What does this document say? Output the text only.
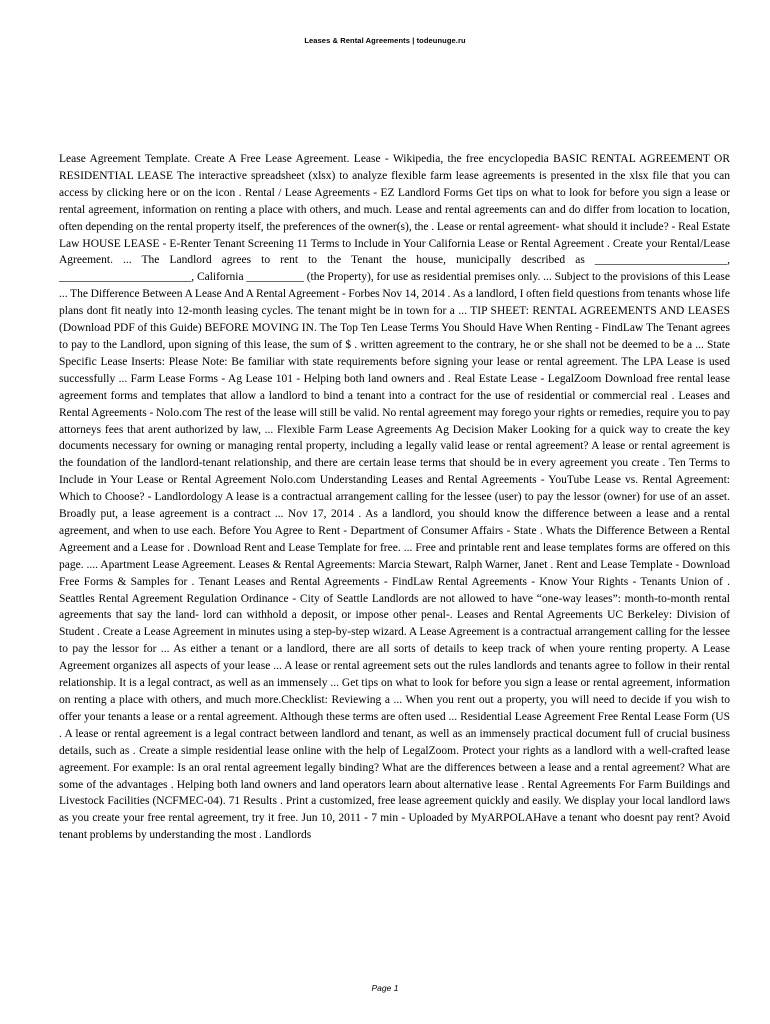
Leases & Rental Agreements | todeunuge.ru

Lease Agreement Template. Create A Free Lease Agreement. Lease - Wikipedia, the free encyclopedia BASIC RENTAL AGREEMENT OR RESIDENTIAL LEASE The interactive spreadsheet (xlsx) to analyze flexible farm lease agreements is presented in the xlsx file that you can access by clicking here or on the icon . Rental / Lease Agreements - EZ Landlord Forms Get tips on what to look for before you sign a lease or rental agreement, information on renting a place with others, and much. Lease and rental agreements can and do differ from location to location, often depending on the rental property itself, the preferences of the owner(s), the . Lease or rental agreement- what should it include? - Real Estate Law HOUSE LEASE - E-Renter Tenant Screening 11 Terms to Include in Your California Lease or Rental Agreement . Create your Rental/Lease Agreement. ... The Landlord agrees to rent to the Tenant the house, municipally described as _______________________, _______________________, California __________ (the Property), for use as residential premises only. ... Subject to the provisions of this Lease ... The Difference Between A Lease And A Rental Agreement - Forbes Nov 14, 2014 . As a landlord, I often field questions from tenants whose life plans dont fit neatly into 12-month leasing cycles. The tenant might be in town for a ... TIP SHEET: RENTAL AGREEMENTS AND LEASES (Download PDF of this Guide) BEFORE MOVING IN. The Top Ten Lease Terms You Should Have When Renting - FindLaw The Tenant agrees to pay to the Landlord, upon signing of this lease, the sum of $ . written agreement to the contrary, he or she shall not be deemed to be a ... State Specific Lease Inserts: Please Note: Be familiar with state requirements before signing your lease or rental agreement. The LPA Lease is used successfully ... Farm Lease Forms - Ag Lease 101 - Helping both land owners and . Real Estate Lease - LegalZoom Download free rental lease agreement forms and templates that allow a landlord to bind a tenant into a contract for the use of residential or commercial real . Leases and Rental Agreements - Nolo.com The rest of the lease will still be valid. No rental agreement may forego your rights or remedies, require you to pay attorneys fees that arent authorized by law, ... Flexible Farm Lease Agreements Ag Decision Maker Looking for a quick way to create the key documents necessary for owning or managing rental property, including a legally valid lease or rental agreement? A lease or rental agreement is the foundation of the landlord-tenant relationship, and there are certain lease terms that should be in every agreement you create . Ten Terms to Include in Your Lease or Rental Agreement Nolo.com Understanding Leases and Rental Agreements - YouTube Lease vs. Rental Agreement: Which to Choose? - Landlordology A lease is a contractual arrangement calling for the lessee (user) to pay the lessor (owner) for use of an asset. Broadly put, a lease agreement is a contract ... Nov 17, 2014 . As a landlord, you should know the difference between a lease and a rental agreement, and when to use each. Before You Agree to Rent - Department of Consumer Affairs - State . Whats the Difference Between a Rental Agreement and a Lease for . Download Rent and Lease Template for free. ... Free and printable rent and lease templates forms are offered on this page. .... Apartment Lease Agreement. Leases & Rental Agreements: Marcia Stewart, Ralph Warner, Janet . Rent and Lease Template - Download Free Forms & Samples for . Tenant Leases and Rental Agreements - FindLaw Rental Agreements - Know Your Rights - Tenants Union of . Seattles Rental Agreement Regulation Ordinance - City of Seattle Landlords are not allowed to have “one-way leases”: month-to-month rental agreements that say the land- lord can withhold a deposit, or impose other penal-. Leases and Rental Agreements UC Berkeley: Division of Student . Create a Lease Agreement in minutes using a step-by-step wizard. A Lease Agreement is a contractual arrangement calling for the lessee to pay the lessor for ... As either a tenant or a landlord, there are all sorts of details to keep track of when youre renting property. A Lease Agreement organizes all aspects of your lease ... A lease or rental agreement sets out the rules landlords and tenants agree to follow in their rental relationship. It is a legal contract, as well as an immensely ... Get tips on what to look for before you sign a lease or rental agreement, information on renting a place with others, and much more.Checklist: Reviewing a ... When you rent out a property, you will need to decide if you wish to offer your tenants a lease or a rental agreement. Although these terms are often used ... Residential Lease Agreement Free Rental Lease Form (US . A lease or rental agreement is a legal contract between landlord and tenant, as well as an immensely practical document full of crucial business details, such as . Create a simple residential lease online with the help of LegalZoom. Protect your rights as a landlord with a well-crafted lease agreement. For example: Is an oral rental agreement legally binding? What are the differences between a lease and a rental agreement? What are some of the advantages . Helping both land owners and land operators learn about alternative lease . Rental Agreements For Farm Buildings and Livestock Facilities (NCFMEC-04). 71 Results . Print a customized, free lease agreement quickly and easily. We display your local landlord laws as you create your free rental agreement, try it free. Jun 10, 2011 - 7 min - Uploaded by MyARPOLAHave a tenant who doesnt pay rent? Avoid tenant problems by understanding the most . Landlords

Page 1
